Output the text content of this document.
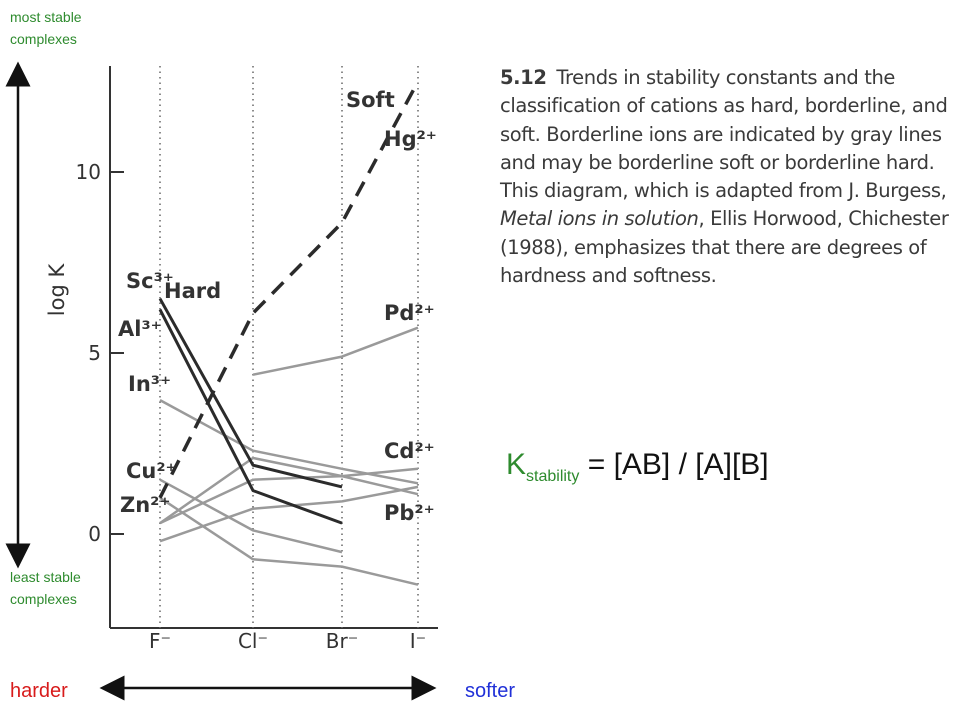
most stable
complexes
least stable
complexes
log K
0
5
10
Sc³⁺
Al³⁺
Hg²⁺
Pd²⁺
In³⁺
Cd²⁺
Pb²⁺
Cu²⁺
Zn²⁺
Hard
Soft
F⁻	Cl⁻	Br⁻	I⁻
5.12 Trends in stability constants and the classification of cations as hard, borderline, and soft. Borderline ions are indicated by gray lines and may be borderline soft or borderline hard. This diagram, which is adapted from J. Burgess, Metal ions in solution, Ellis Horwood, Chichester (1988), emphasizes that there are degrees of hardness and softness.
$K_{stability} = [AB] / [A][B]$
harder	softer
